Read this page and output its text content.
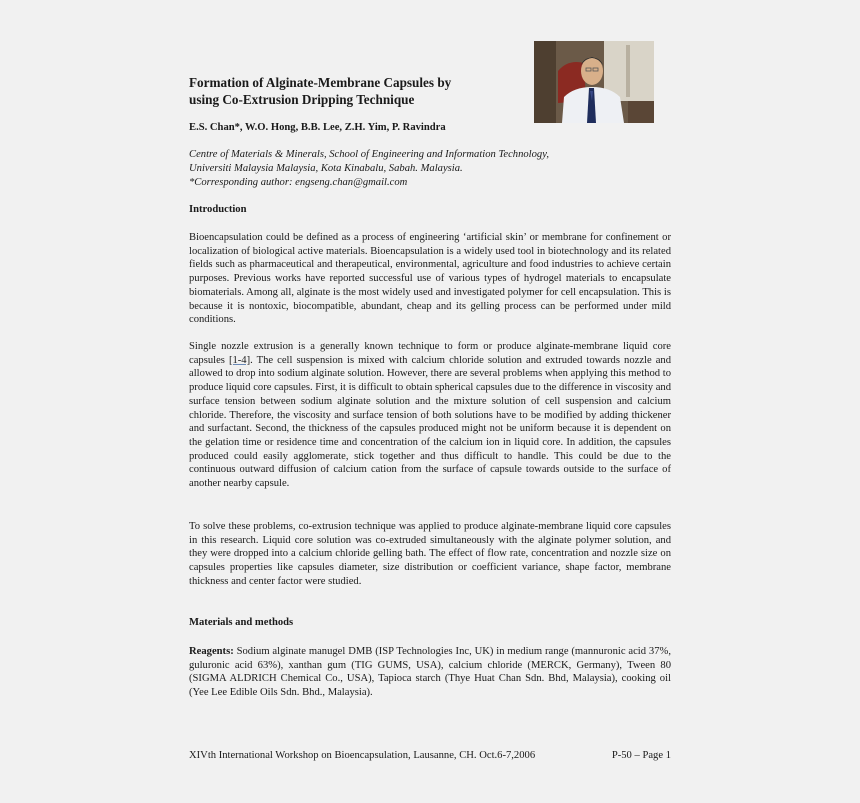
Formation of Alginate-Membrane Capsules by
using Co-Extrusion Dripping Technique
E.S. Chan*, W.O. Hong, B.B. Lee, Z.H. Yim, P. Ravindra
Centre of Materials & Minerals, School of Engineering and Information Technology,
Universiti Malaysia Malaysia, Kota Kinabalu, Sabah. Malaysia.
*Corresponding author: engseng.chan@gmail.com
Introduction

Bioencapsulation could be defined as a process of engineering ‘artificial skin’ or membrane for confinement or localization of biological active materials. Bioencapsulation is a widely used tool in biotechnology and its related fields such as pharmaceutical and therapeutical, environmental, agriculture and food industries to achieve certain purposes. Previous works have reported successful use of various types of hydrogel materials to encapsulate biomaterials. Among all, alginate is the most widely used and investigated polymer for cell encapsulation. This is because it is nontoxic, biocompatible, abundant, cheap and its gelling process can be performed under mild conditions.

Single nozzle extrusion is a generally known technique to form or produce alginate-membrane liquid core capsules [1-4]. The cell suspension is mixed with calcium chloride solution and extruded towards nozzle and allowed to drop into sodium alginate solution. However, there are several problems when applying this method to produce liquid core capsules. First, it is difficult to obtain spherical capsules due to the difference in viscosity and surface tension between sodium alginate solution and the mixture solution of cell suspension and calcium chloride. Therefore, the viscosity and surface tension of both solutions have to be modified by adding thickener and surfactant. Second, the thickness of the capsules produced might not be uniform because it is dependent on the gelation time or residence time and concentration of the calcium ion in liquid core. In addition, the capsules produced could easily agglomerate, stick together and thus difficult to handle. This could be due to the continuous outward diffusion of calcium cation from the surface of capsule towards outside to the surface of another nearby capsule.

To solve these problems, co-extrusion technique was applied to produce alginate-membrane liquid core capsules in this research. Liquid core solution was co-extruded simultaneously with the alginate polymer solution, and they were dropped into a calcium chloride gelling bath. The effect of flow rate, concentration and nozzle size on capsules properties like capsules diameter, size distribution or coefficient variance, shape factor, membrane thickness and center factor were studied.

Materials and methods

Reagents: Sodium alginate manugel DMB (ISP Technologies Inc, UK) in medium range (mannuronic acid 37%, guluronic acid 63%), xanthan gum (TIG GUMS, USA), calcium chloride (MERCK, Germany), Tween 80 (SIGMA ALDRICH Chemical Co., USA), Tapioca starch (Thye Huat Chan Sdn. Bhd, Malaysia), cooking oil (Yee Lee Edible Oils Sdn. Bhd., Malaysia).

XIVth International Workshop on Bioencapsulation, Lausanne, CH. Oct.6-7,2006	P-50 – Page 1
